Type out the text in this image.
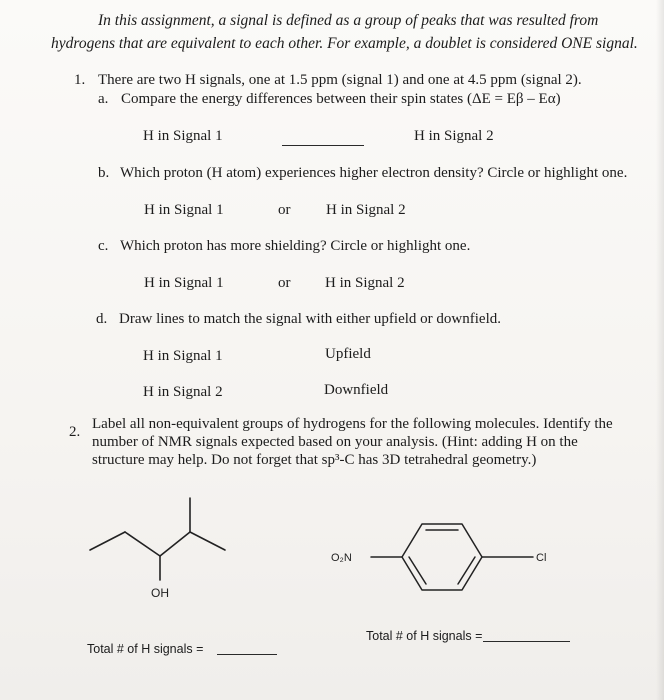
In this assignment, a signal is defined as a group of peaks that was resulted from
hydrogens that are equivalent to each other. For example, a doublet is considered ONE signal.
1. There are two H signals, one at 1.5 ppm (signal 1) and one at 4.5 ppm (signal 2).
a. Compare the energy differences between their spin states (ΔE = Eβ – Eα)
H in Signal 1	H in Signal 2
b. Which proton (H atom) experiences higher electron density? Circle or highlight one.
H in Signal 1	or H in Signal 2
c. Which proton has more shielding? Circle or highlight one.
H in Signal 1	or H in Signal 2
d. Draw lines to match the signal with either upfield or downfield.
H in Signal 1	Upfield
H in Signal 2	Downfield
2. Label all non-equivalent groups of hydrogens for the following molecules. Identify the
number of NMR signals expected based on your analysis. (Hint: adding H on the
structure may help. Do not forget that sp³-C has 3D tetrahedral geometry.)
OH
O₂N	Cl
Total # of H signals =
Total # of H signals =
